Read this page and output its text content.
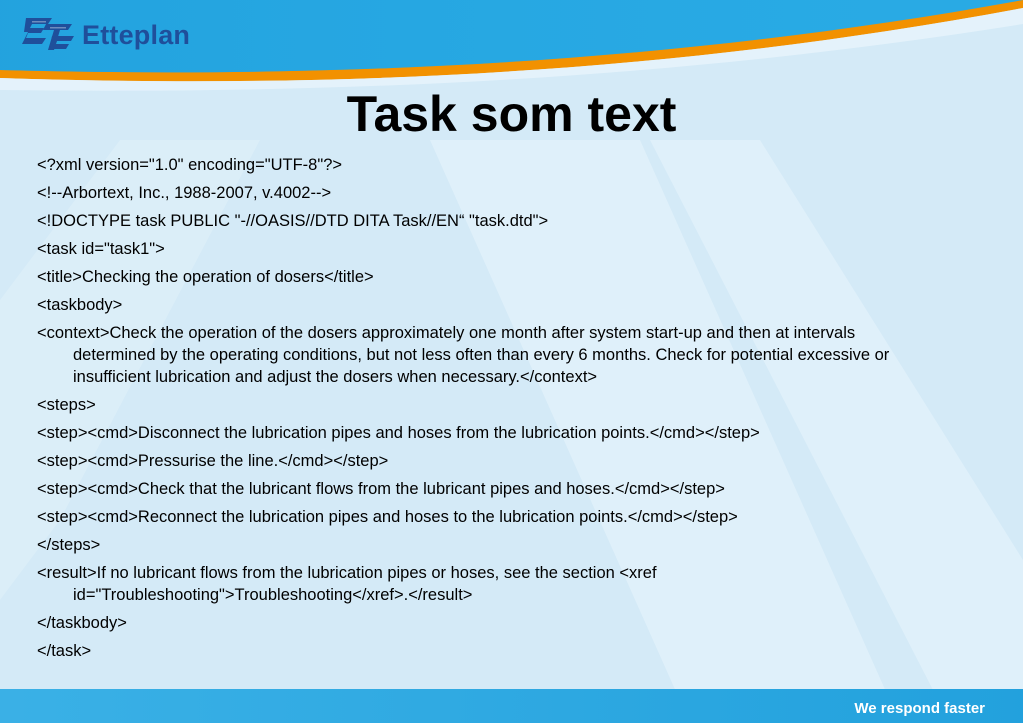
Etteplan
Task som text
<?xml version="1.0" encoding="UTF-8"?>
<!--Arbortext, Inc., 1988-2007, v.4002-->
<!DOCTYPE task PUBLIC "-//OASIS//DTD DITA Task//EN“ "task.dtd">
<task id="task1">
<title>Checking the operation of dosers</title>
<taskbody>
<context>Check the operation of the dosers approximately one month after system start-up and then at intervals determined by the operating conditions, but not less often than every 6 months. Check for potential excessive or insufficient lubrication and adjust the dosers when necessary.</context>
<steps>
<step><cmd>Disconnect the lubrication pipes and hoses from the lubrication points.</cmd></step>
<step><cmd>Pressurise the line.</cmd></step>
<step><cmd>Check that the lubricant flows from the lubricant pipes and hoses.</cmd></step>
<step><cmd>Reconnect the lubrication pipes and hoses to the lubrication points.</cmd></step>
</steps>
<result>If no lubricant flows from the lubrication pipes or hoses, see the section <xref id="Troubleshooting">Troubleshooting</xref>.</result>
</taskbody>
</task>
We respond faster
